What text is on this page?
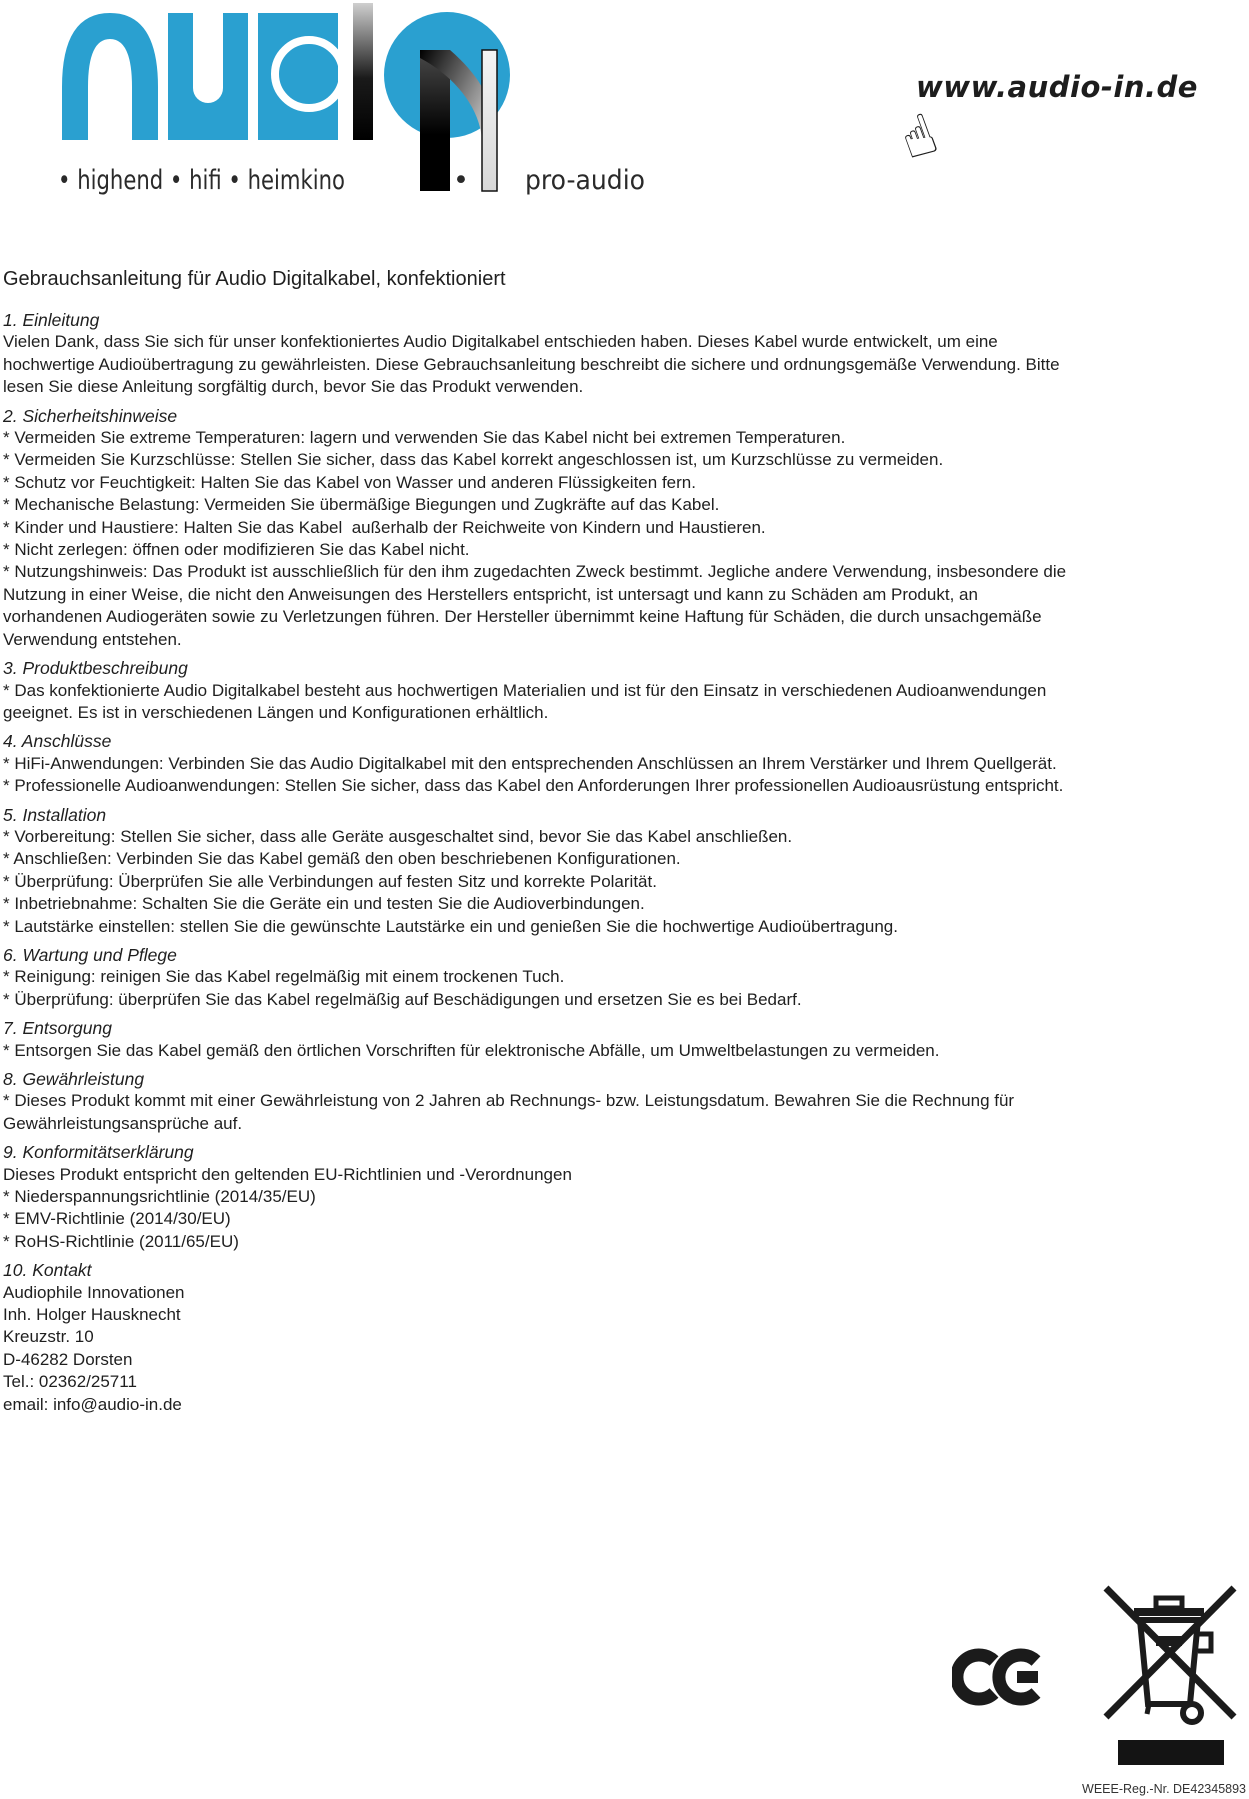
• highend • hifi • heimkino	• pro-audio
www.audio-in.de
☝
Gebrauchsanleitung für Audio Digitalkabel, konfektioniert
1. Einleitung
Vielen Dank, dass Sie sich für unser konfektioniertes Audio Digitalkabel entschieden haben. Dieses Kabel wurde entwickelt, um eine
hochwertige Audioübertragung zu gewährleisten. Diese Gebrauchsanleitung beschreibt die sichere und ordnungsgemäße Verwendung. Bitte
lesen Sie diese Anleitung sorgfältig durch, bevor Sie das Produkt verwenden.
2. Sicherheitshinweise
* Vermeiden Sie extreme Temperaturen: lagern und verwenden Sie das Kabel nicht bei extremen Temperaturen.
* Vermeiden Sie Kurzschlüsse: Stellen Sie sicher, dass das Kabel korrekt angeschlossen ist, um Kurzschlüsse zu vermeiden.
* Schutz vor Feuchtigkeit: Halten Sie das Kabel von Wasser und anderen Flüssigkeiten fern.
* Mechanische Belastung: Vermeiden Sie übermäßige Biegungen und Zugkräfte auf das Kabel.
* Kinder und Haustiere: Halten Sie das Kabel  außerhalb der Reichweite von Kindern und Haustieren.
* Nicht zerlegen: öffnen oder modifizieren Sie das Kabel nicht.
* Nutzungshinweis: Das Produkt ist ausschließlich für den ihm zugedachten Zweck bestimmt. Jegliche andere Verwendung, insbesondere die
Nutzung in einer Weise, die nicht den Anweisungen des Herstellers entspricht, ist untersagt und kann zu Schäden am Produkt, an
vorhandenen Audiogeräten sowie zu Verletzungen führen. Der Hersteller übernimmt keine Haftung für Schäden, die durch unsachgemäße
Verwendung entstehen.
3. Produktbeschreibung
* Das konfektionierte Audio Digitalkabel besteht aus hochwertigen Materialien und ist für den Einsatz in verschiedenen Audioanwendungen
geeignet. Es ist in verschiedenen Längen und Konfigurationen erhältlich.
4. Anschlüsse
* HiFi-Anwendungen: Verbinden Sie das Audio Digitalkabel mit den entsprechenden Anschlüssen an Ihrem Verstärker und Ihrem Quellgerät.
* Professionelle Audioanwendungen: Stellen Sie sicher, dass das Kabel den Anforderungen Ihrer professionellen Audioausrüstung entspricht.
5. Installation
* Vorbereitung: Stellen Sie sicher, dass alle Geräte ausgeschaltet sind, bevor Sie das Kabel anschließen.
* Anschließen: Verbinden Sie das Kabel gemäß den oben beschriebenen Konfigurationen.
* Überprüfung: Überprüfen Sie alle Verbindungen auf festen Sitz und korrekte Polarität.
* Inbetriebnahme: Schalten Sie die Geräte ein und testen Sie die Audioverbindungen.
* Lautstärke einstellen: stellen Sie die gewünschte Lautstärke ein und genießen Sie die hochwertige Audioübertragung.
6. Wartung und Pflege
* Reinigung: reinigen Sie das Kabel regelmäßig mit einem trockenen Tuch.
* Überprüfung: überprüfen Sie das Kabel regelmäßig auf Beschädigungen und ersetzen Sie es bei Bedarf.
7. Entsorgung
* Entsorgen Sie das Kabel gemäß den örtlichen Vorschriften für elektronische Abfälle, um Umweltbelastungen zu vermeiden.
8. Gewährleistung
* Dieses Produkt kommt mit einer Gewährleistung von 2 Jahren ab Rechnungs- bzw. Leistungsdatum. Bewahren Sie die Rechnung für
Gewährleistungsansprüche auf.
9. Konformitätserklärung
Dieses Produkt entspricht den geltenden EU-Richtlinien und -Verordnungen
* Niederspannungsrichtlinie (2014/35/EU)
* EMV-Richtlinie (2014/30/EU)
* RoHS-Richtlinie (2011/65/EU)
10. Kontakt
Audiophile Innovationen
Inh. Holger Hausknecht
Kreuzstr. 10
D-46282 Dorsten
Tel.: 02362/25711
email: info@audio-in.de
WEEE-Reg.-Nr. DE42345893
